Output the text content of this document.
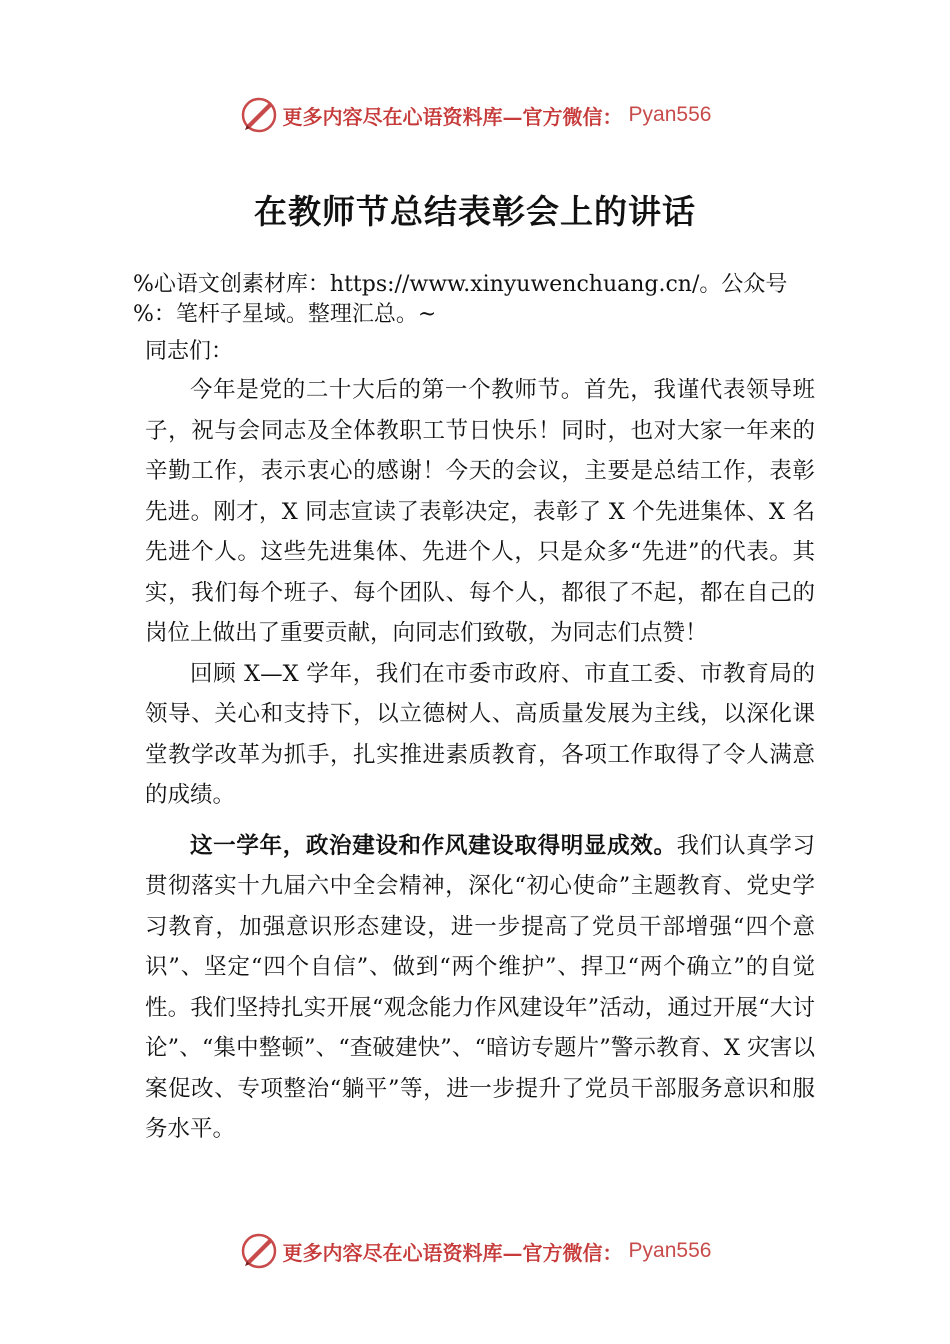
更多内容尽在心语资料库—官方微信： Pyan556
在教师节总结表彰会上的讲话
%心语文创素材库：https://www.xinyuwenchuang.cn/。公众号
%：笔杆子星域。整理汇总。~
同志们：

今年是党的二十大后的第一个教师节。首先，我谨代表领导班子，祝与会同志及全体教职工节日快乐！同时，也对大家一年来的辛勤工作，表示衷心的感谢！今天的会议，主要是总结工作，表彰先进。刚才，X 同志宣读了表彰决定，表彰了 X 个先进集体、X 名先进个人。这些先进集体、先进个人，只是众多“先进”的代表。其实，我们每个班子、每个团队、每个人，都很了不起，都在自己的岗位上做出了重要贡献，向同志们致敬，为同志们点赞！

回顾 X—X 学年，我们在市委市政府、市直工委、市教育局的领导、关心和支持下，以立德树人、高质量发展为主线，以深化课堂教学改革为抓手，扎实推进素质教育，各项工作取得了令人满意的成绩。

这一学年，政治建设和作风建设取得明显成效。我们认真学习贯彻落实十九届六中全会精神，深化“初心使命”主题教育、党史学习教育，加强意识形态建设，进一步提高了党员干部增强“四个意识”、坚定“四个自信”、做到“两个维护”、捍卫“两个确立”的自觉性。我们坚持扎实开展“观念能力作风建设年”活动，通过开展“大讨论”、“集中整顿”、“查破建快”、“暗访专题片”警示教育、X 灾害以案促改、专项整治“躺平”等，进一步提升了党员干部服务意识和服务水平。

更多内容尽在心语资料库—官方微信： Pyan556
